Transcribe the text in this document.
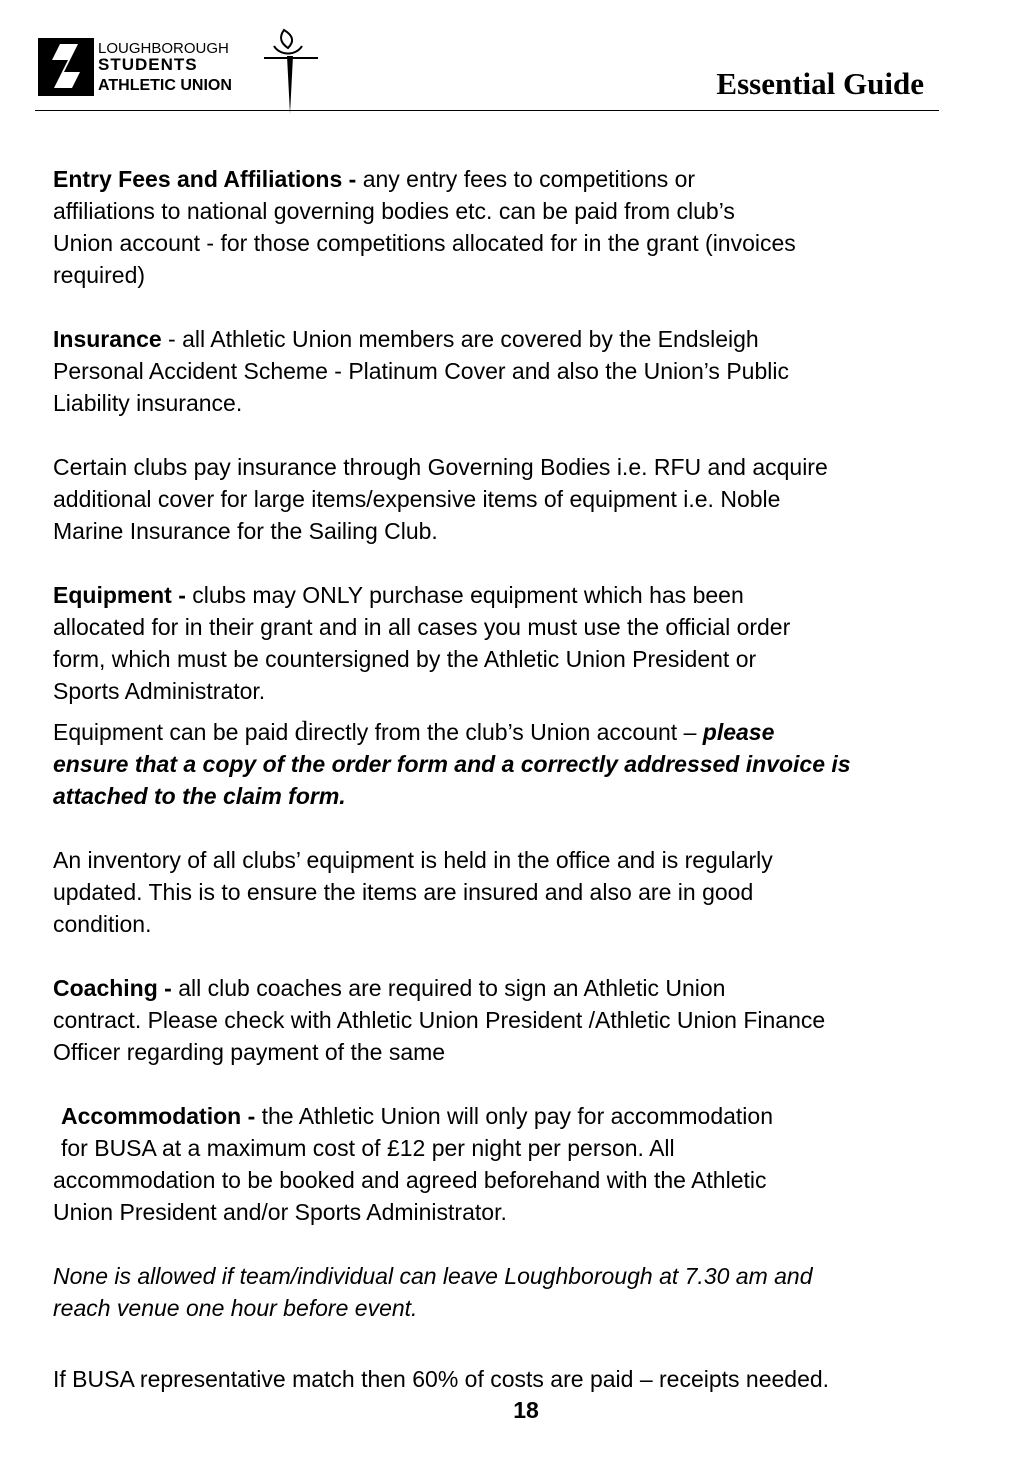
LOUGHBOROUGH
STUDENTS
ATHLETIC UNION	Essential Guide

Entry Fees and Affiliations - any entry fees to competitions or
affiliations to national governing bodies etc. can be paid from club’s
Union account - for those competitions allocated for in the grant (invoices
required)

Insurance - all Athletic Union members are covered by the Endsleigh
Personal Accident Scheme - Platinum Cover and also the Union’s Public
Liability insurance.

Certain clubs pay insurance through Governing Bodies i.e. RFU and acquire
additional cover for large items/expensive items of equipment i.e. Noble
Marine Insurance for the Sailing Club.

Equipment - clubs may ONLY purchase equipment which has been
allocated for in their grant and in all cases you must use the official order
form, which must be countersigned by the Athletic Union President or
Sports Administrator.

Equipment can be paid directly from the club’s Union account – please
ensure that a copy of the order form and a correctly addressed invoice is
attached to the claim form.

An inventory of all clubs’ equipment is held in the office and is regularly
updated. This is to ensure the items are insured and also are in good
condition.

Coaching - all club coaches are required to sign an Athletic Union
contract. Please check with Athletic Union President /Athletic Union Finance
Officer regarding payment of the same

Accommodation - the Athletic Union will only pay for accommodation
for BUSA at a maximum cost of £12 per night per person. All
accommodation to be booked and agreed beforehand with the Athletic
Union President and/or Sports Administrator.

None is allowed if team/individual can leave Loughborough at 7.30 am and
reach venue one hour before event.

If BUSA representative match then 60% of costs are paid – receipts needed.

18
